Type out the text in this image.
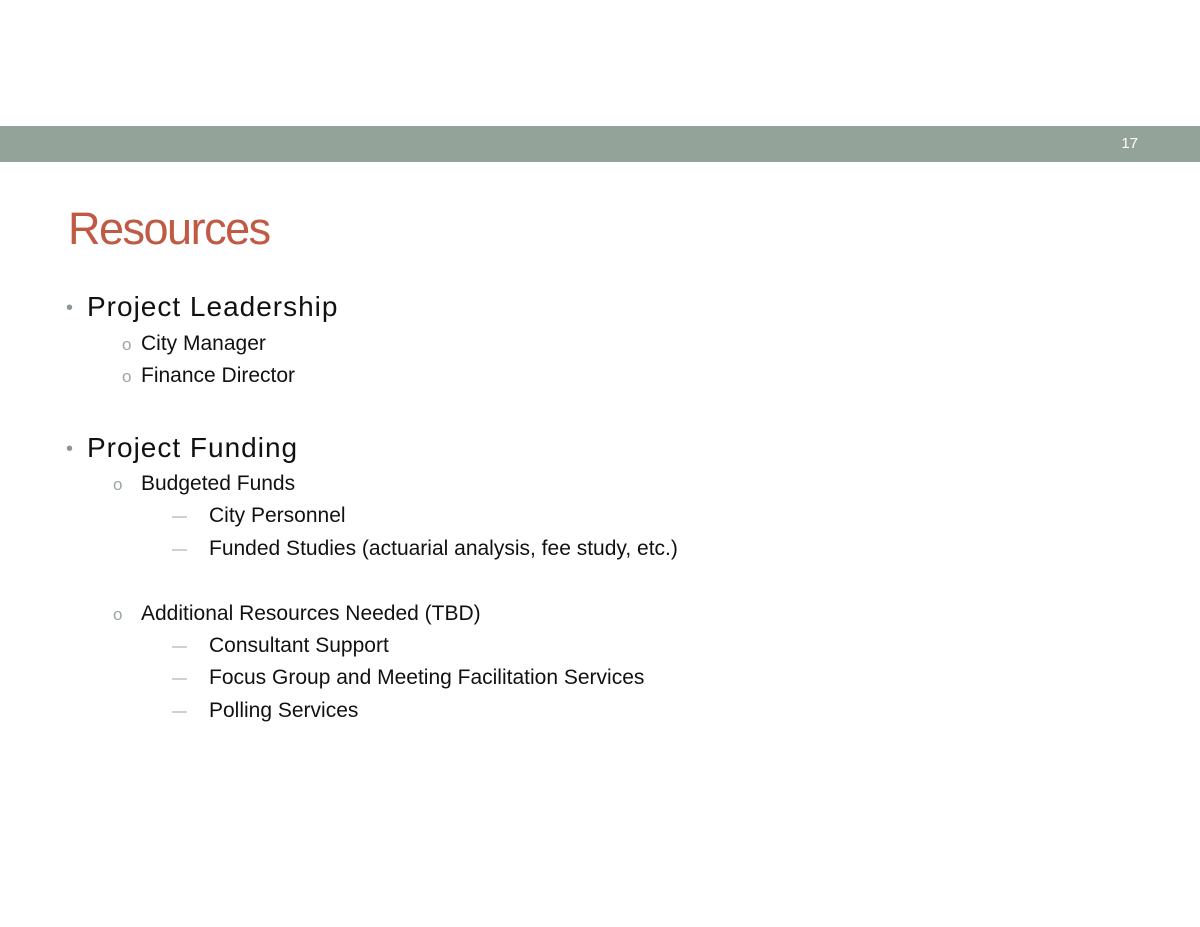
17
Resources
• Project Leadership
o City Manager
o Finance Director
• Project Funding
o Budgeted Funds
— City Personnel
— Funded Studies (actuarial analysis, fee study, etc.)
o Additional Resources Needed (TBD)
— Consultant Support
— Focus Group and Meeting Facilitation Services
— Polling Services
